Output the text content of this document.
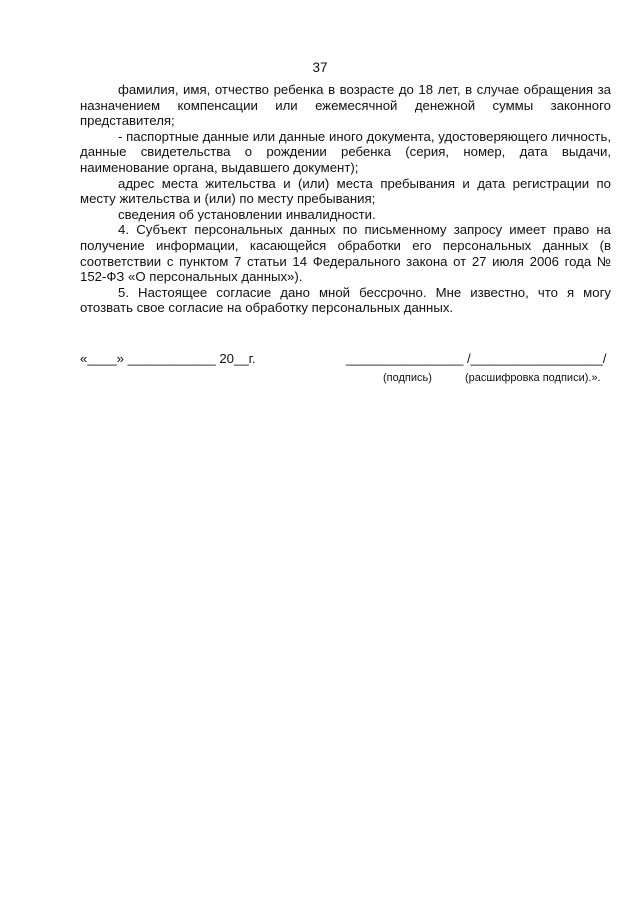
37

фамилия, имя, отчество ребенка в возрасте до 18 лет, в случае обращения за назначением компенсации или ежемесячной денежной суммы законного представителя;

- паспортные данные или данные иного документа, удостоверяющего личность, данные свидетельства о рождении ребенка (серия, номер, дата выдачи, наименование органа, выдавшего документ);

адрес места жительства и (или) места пребывания и дата регистрации по месту жительства и (или) по месту пребывания;

сведения об установлении инвалидности.

4. Субъект персональных данных по письменному запросу имеет право на получение информации, касающейся обработки его персональных данных (в соответствии с пунктом 7 статьи 14 Федерального закона от 27 июля 2006 года № 152-ФЗ «О персональных данных»).

5. Настоящее согласие дано мной бессрочно. Мне известно, что я могу отозвать свое согласие на обработку персональных данных.

«____» ____________ 20__г.	________________ /__________________/
(подпись)	(расшифровка подписи).».
